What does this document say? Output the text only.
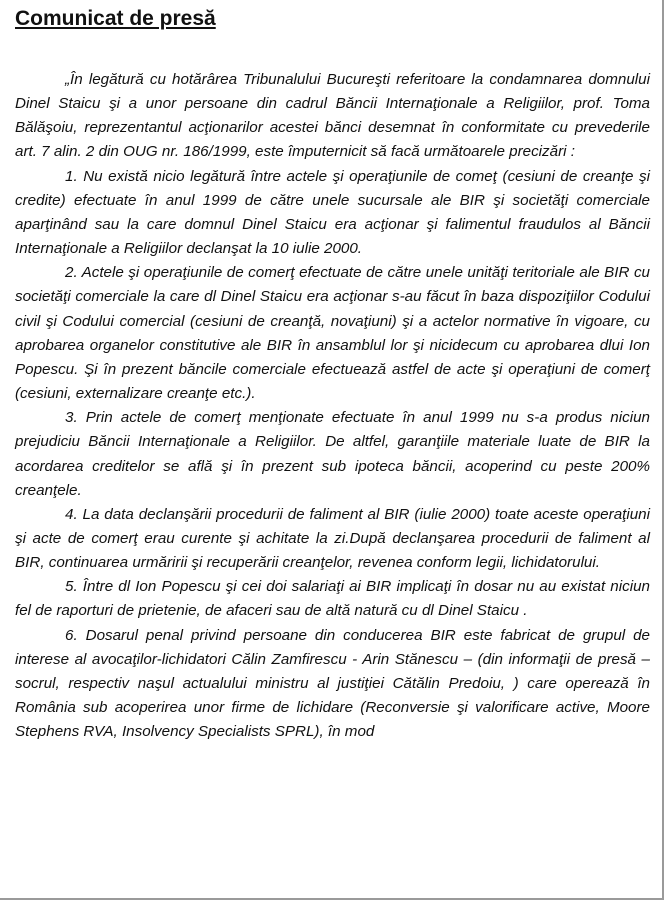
Comunicat de presă

„În legătură cu hotărârea Tribunalului Bucureşti referitoare la condamnarea domnului Dinel Staicu şi a unor persoane din cadrul Băncii Internaţionale a Religiilor, prof. Toma Bălăşoiu, reprezentantul acţionarilor acestei bănci desemnat în conformitate cu prevederile art. 7 alin. 2 din OUG nr. 186/1999, este împuternicit să facă următoarele precizări :

1. Nu există nicio legătură între actele şi operaţiunile de comeţ (cesiuni de creanţe şi credite) efectuate în anul 1999 de către unele sucursale ale BIR şi societăţi comerciale aparţinând sau la care domnul Dinel Staicu era acţionar şi falimentul fraudulos al Băncii Internaţionale a Religiilor declanşat la 10 iulie 2000.

2. Actele şi operaţiunile de comerţ efectuate de către unele unităţi teritoriale ale BIR cu societăţi comerciale la care dl Dinel Staicu era acţionar s-au făcut în baza dispoziţiilor Codului civil şi Codului comercial (cesiuni de creanţă, novaţiuni) şi a actelor normative în vigoare, cu aprobarea organelor constitutive ale BIR în ansamblul lor şi nicidecum cu aprobarea dlui Ion Popescu. Şi în prezent băncile comerciale efectuează astfel de acte şi operaţiuni de comerţ (cesiuni, externalizare creanţe etc.).

3. Prin actele de comerţ menţionate efectuate în anul 1999 nu s-a produs niciun prejudiciu Băncii Internaţionale a Religiilor. De altfel, garanţiile materiale luate de BIR la acordarea creditelor se află şi în prezent sub ipoteca băncii, acoperind cu peste 200% creanţele.

4. La data declanşării procedurii de faliment al BIR (iulie 2000) toate aceste operaţiuni şi acte de comerţ erau curente şi achitate la zi.După declanşarea procedurii de faliment al BIR, continuarea urmăririi şi recuperării creanţelor, revenea conform legii, lichidatorului.

5. Între dl Ion Popescu şi cei doi salariaţi ai BIR implicaţi în dosar nu au existat niciun fel de raporturi de prietenie, de afaceri sau de altă natură cu dl Dinel Staicu .

6. Dosarul penal privind persoane din conducerea BIR este fabricat de grupul de interese al avocaţilor-lichidatori Călin Zamfirescu - Arin Stănescu – (din informaţii de presă – socrul, respectiv naşul actualului ministru al justiţiei Cătălin Predoiu, ) care operează în România sub acoperirea unor firme de lichidare (Reconversie şi valorificare active, Moore Stephens RVA, Insolvency Specialists SPRL), în mod
